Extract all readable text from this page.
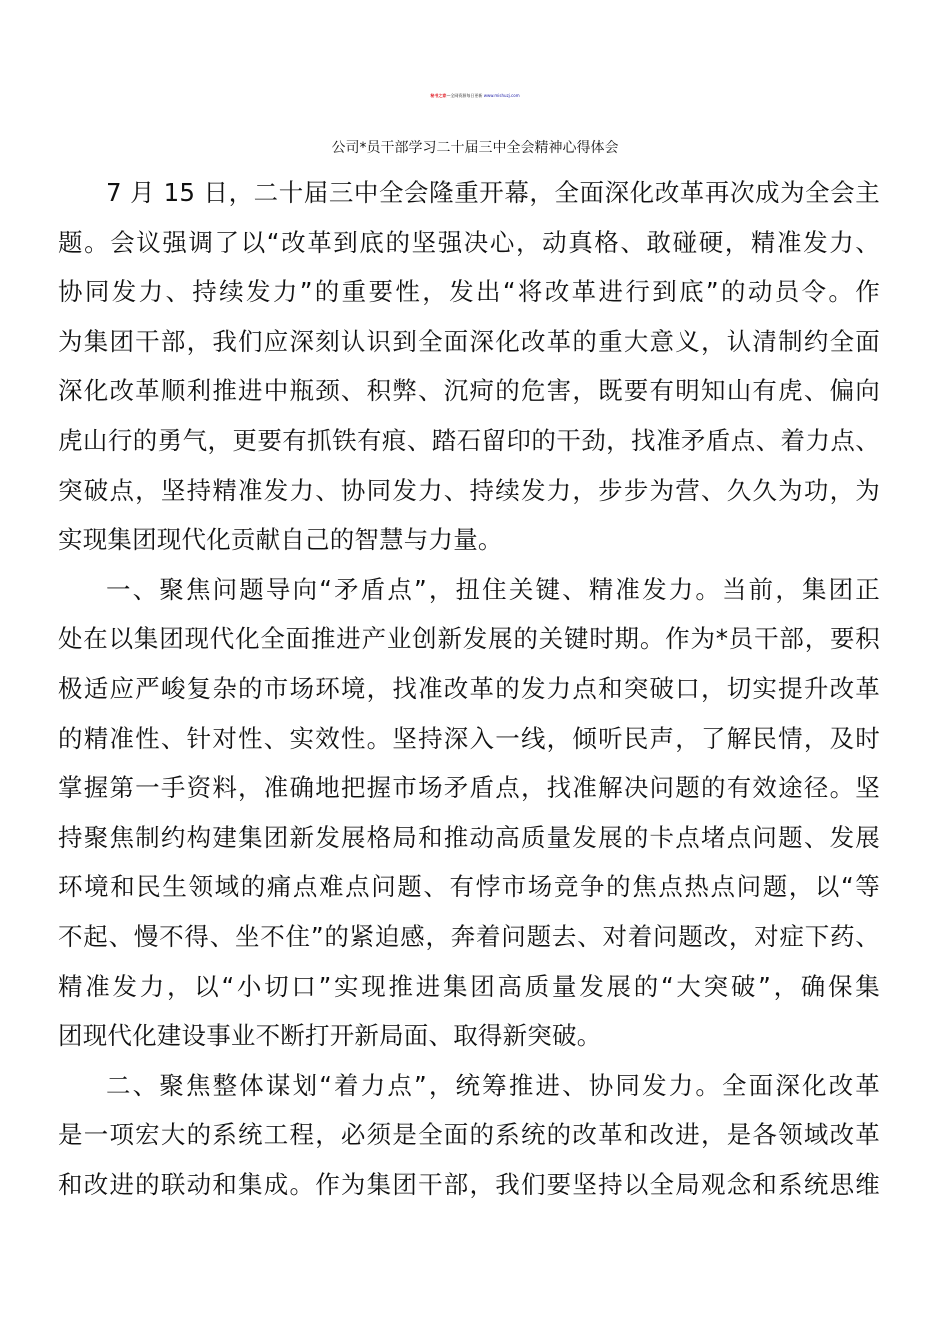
秘书之家—全网资源每日更新 www.mishuzj.com
公司*员干部学习二十届三中全会精神心得体会
7 月 15 日，二十届三中全会隆重开幕，全面深化改革再次成为全会主
题。会议强调了以“改革到底的坚强决心，动真格、敢碰硬，精准发力、
协同发力、持续发力”的重要性，发出“将改革进行到底”的动员令。作
为集团干部，我们应深刻认识到全面深化改革的重大意义，认清制约全面
深化改革顺利推进中瓶颈、积弊、沉疴的危害，既要有明知山有虎、偏向
虎山行的勇气，更要有抓铁有痕、踏石留印的干劲，找准矛盾点、着力点、
突破点，坚持精准发力、协同发力、持续发力，步步为营、久久为功，为
实现集团现代化贡献自己的智慧与力量。
一、聚焦问题导向“矛盾点”，扭住关键、精准发力。当前，集团正
处在以集团现代化全面推进产业创新发展的关键时期。作为*员干部，要积
极适应严峻复杂的市场环境，找准改革的发力点和突破口，切实提升改革
的精准性、针对性、实效性。坚持深入一线，倾听民声，了解民情，及时
掌握第一手资料，准确地把握市场矛盾点，找准解决问题的有效途径。坚
持聚焦制约构建集团新发展格局和推动高质量发展的卡点堵点问题、发展
环境和民生领域的痛点难点问题、有悖市场竞争的焦点热点问题，以“等
不起、慢不得、坐不住”的紧迫感，奔着问题去、对着问题改，对症下药、
精准发力，以“小切口”实现推进集团高质量发展的“大突破”，确保集
团现代化建设事业不断打开新局面、取得新突破。
二、聚焦整体谋划“着力点”，统筹推进、协同发力。全面深化改革
是一项宏大的系统工程，必须是全面的系统的改革和改进，是各领域改革
和改进的联动和集成。作为集团干部，我们要坚持以全局观念和系统思维
